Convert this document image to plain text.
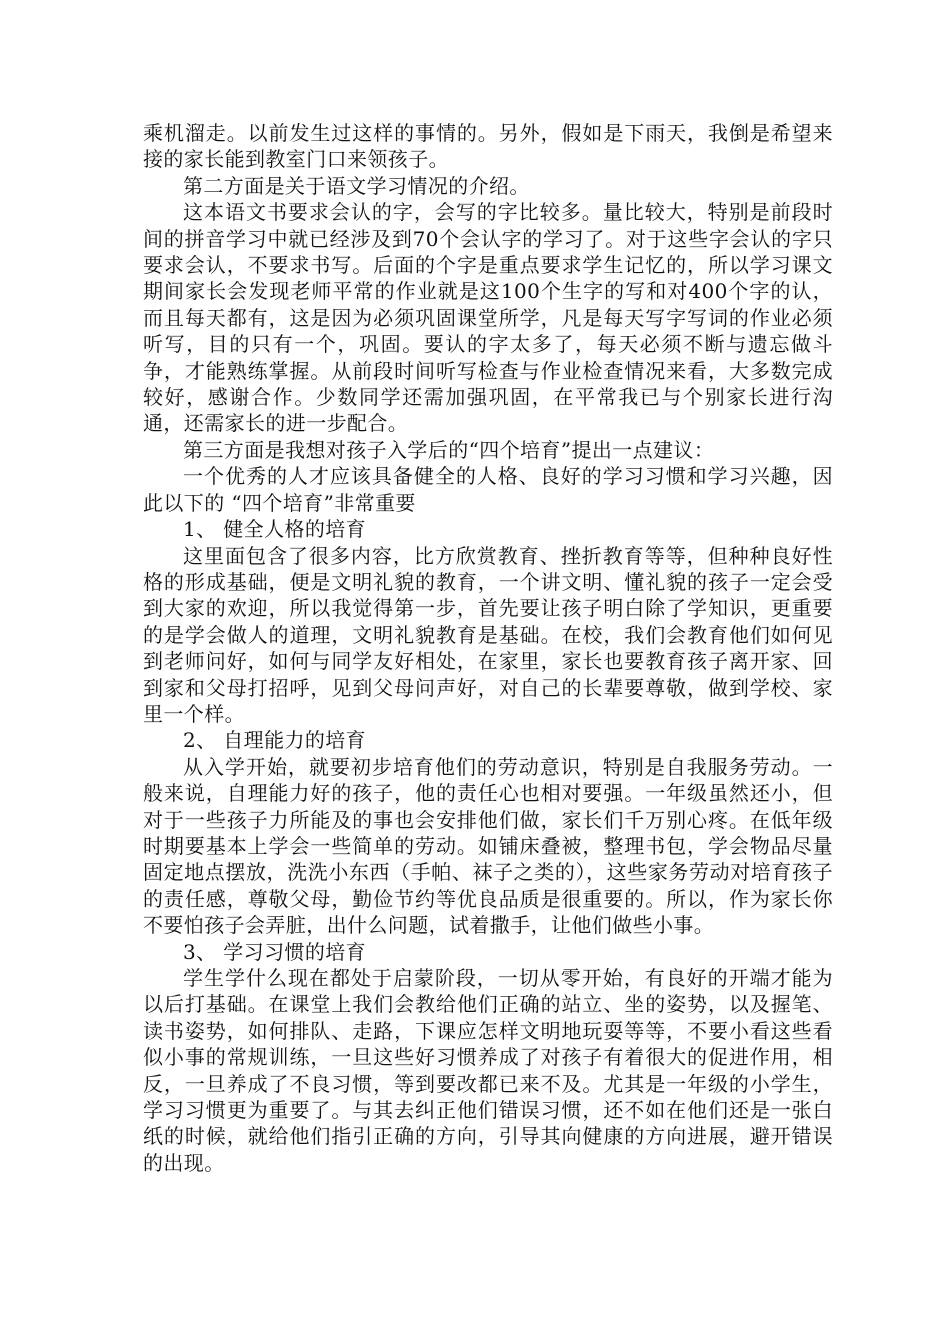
乘机溜走。以前发生过这样的事情的。另外，假如是下雨天，我倒是希望来接的家长能到教室门口来领孩子。

第二方面是关于语文学习情况的介绍。

这本语文书要求会认的字，会写的字比较多。量比较大，特别是前段时间的拼音学习中就已经涉及到70个会认字的学习了。对于这些字会认的字只要求会认，不要求书写。后面的个字是重点要求学生记忆的，所以学习课文期间家长会发现老师平常的作业就是这100个生字的写和对400个字的认，而且每天都有，这是因为必须巩固课堂所学，凡是每天写字写词的作业必须听写，目的只有一个，巩固。要认的字太多了，每天必须不断与遗忘做斗争，才能熟练掌握。从前段时间听写检查与作业检查情况来看，大多数完成较好，感谢合作。少数同学还需加强巩固，在平常我已与个别家长进行沟通，还需家长的进一步配合。

第三方面是我想对孩子入学后的“四个培育”提出一点建议：

一个优秀的人才应该具备健全的人格、良好的学习习惯和学习兴趣，因此以下的 “四个培育”非常重要

1、 健全人格的培育

这里面包含了很多内容，比方欣赏教育、挫折教育等等，但种种良好性格的形成基础，便是文明礼貌的教育，一个讲文明、懂礼貌的孩子一定会受到大家的欢迎，所以我觉得第一步，首先要让孩子明白除了学知识，更重要的是学会做人的道理，文明礼貌教育是基础。在校，我们会教育他们如何见到老师问好，如何与同学友好相处，在家里，家长也要教育孩子离开家、回到家和父母打招呼，见到父母问声好，对自己的长辈要尊敬，做到学校、家里一个样。

2、 自理能力的培育

从入学开始，就要初步培育他们的劳动意识，特别是自我服务劳动。一般来说，自理能力好的孩子，他的责任心也相对要强。一年级虽然还小，但对于一些孩子力所能及的事也会安排他们做，家长们千万别心疼。在低年级时期要基本上学会一些简单的劳动。如铺床叠被，整理书包，学会物品尽量固定地点摆放，洗洗小东西（手帕、袜子之类的），这些家务劳动对培育孩子的责任感，尊敬父母，勤俭节约等优良品质是很重要的。所以，作为家长你不要怕孩子会弄脏，出什么问题，试着撒手，让他们做些小事。

3、 学习习惯的培育

学生学什么现在都处于启蒙阶段，一切从零开始，有良好的开端才能为以后打基础。在课堂上我们会教给他们正确的站立、坐的姿势，以及握笔、读书姿势，如何排队、走路，下课应怎样文明地玩耍等等，不要小看这些看似小事的常规训练，一旦这些好习惯养成了对孩子有着很大的促进作用，相反，一旦养成了不良习惯，等到要改都已来不及。尤其是一年级的小学生，学习习惯更为重要了。与其去纠正他们错误习惯，还不如在他们还是一张白纸的时候，就给他们指引正确的方向，引导其向健康的方向进展，避开错误的出现。
